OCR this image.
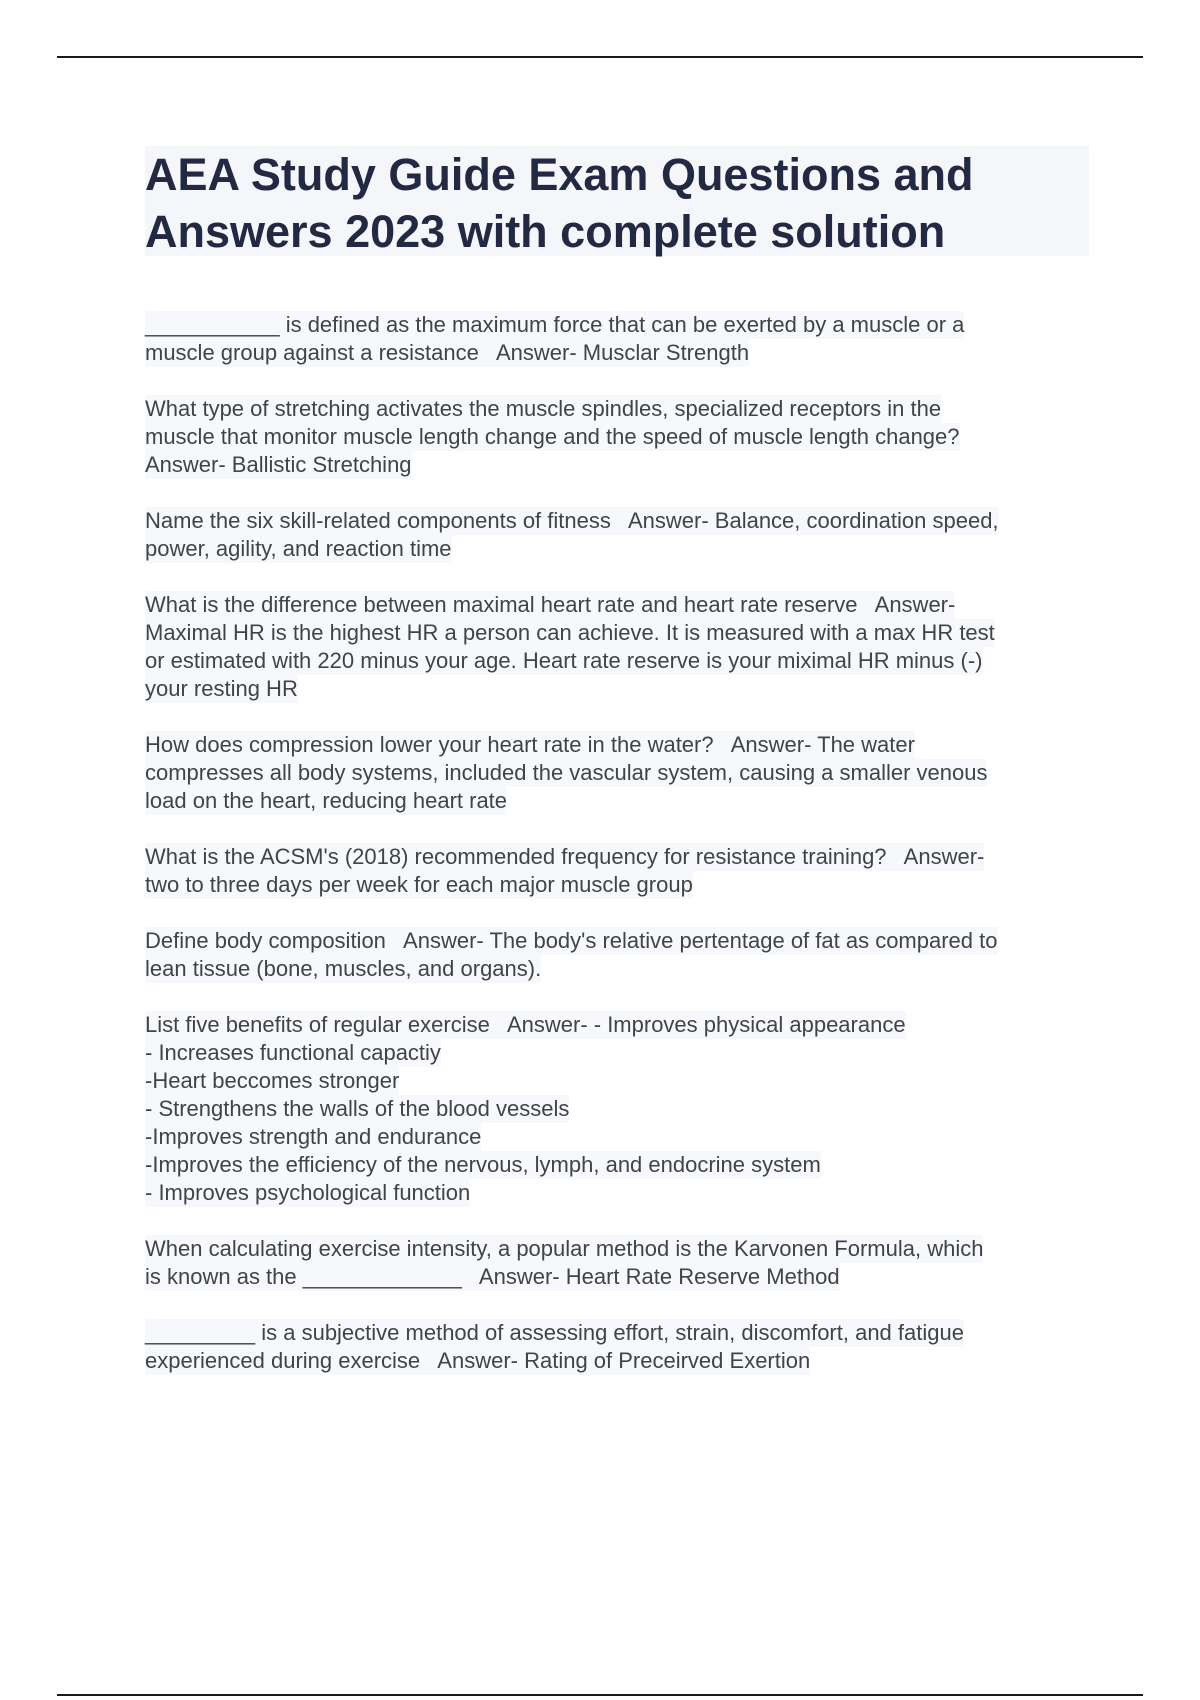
AEA Study Guide Exam Questions and
Answers 2023 with complete solution
___________ is defined as the maximum force that can be exerted by a muscle or a
muscle group against a resistance   Answer- Musclar Strength
What type of stretching activates the muscle spindles, specialized receptors in the
muscle that monitor muscle length change and the speed of muscle length change?
Answer- Ballistic Stretching
Name the six skill-related components of fitness   Answer- Balance, coordination speed,
power, agility, and reaction time
What is the difference between maximal heart rate and heart rate reserve   Answer-
Maximal HR is the highest HR a person can achieve. It is measured with a max HR test
or estimated with 220 minus your age. Heart rate reserve is your miximal HR minus (-)
your resting HR
How does compression lower your heart rate in the water?   Answer- The water
compresses all body systems, included the vascular system, causing a smaller venous
load on the heart, reducing heart rate
What is the ACSM's (2018) recommended frequency for resistance training?   Answer-
two to three days per week for each major muscle group
Define body composition   Answer- The body's relative pertentage of fat as compared to
lean tissue (bone, muscles, and organs).
List five benefits of regular exercise   Answer- - Improves physical appearance
- Increases functional capactiy
-Heart beccomes stronger
- Strengthens the walls of the blood vessels
-Improves strength and endurance
-Improves the efficiency of the nervous, lymph, and endocrine system
- Improves psychological function
When calculating exercise intensity, a popular method is the Karvonen Formula, which
is known as the _____________   Answer- Heart Rate Reserve Method
_________ is a subjective method of assessing effort, strain, discomfort, and fatigue
experienced during exercise   Answer- Rating of Preceirved Exertion
